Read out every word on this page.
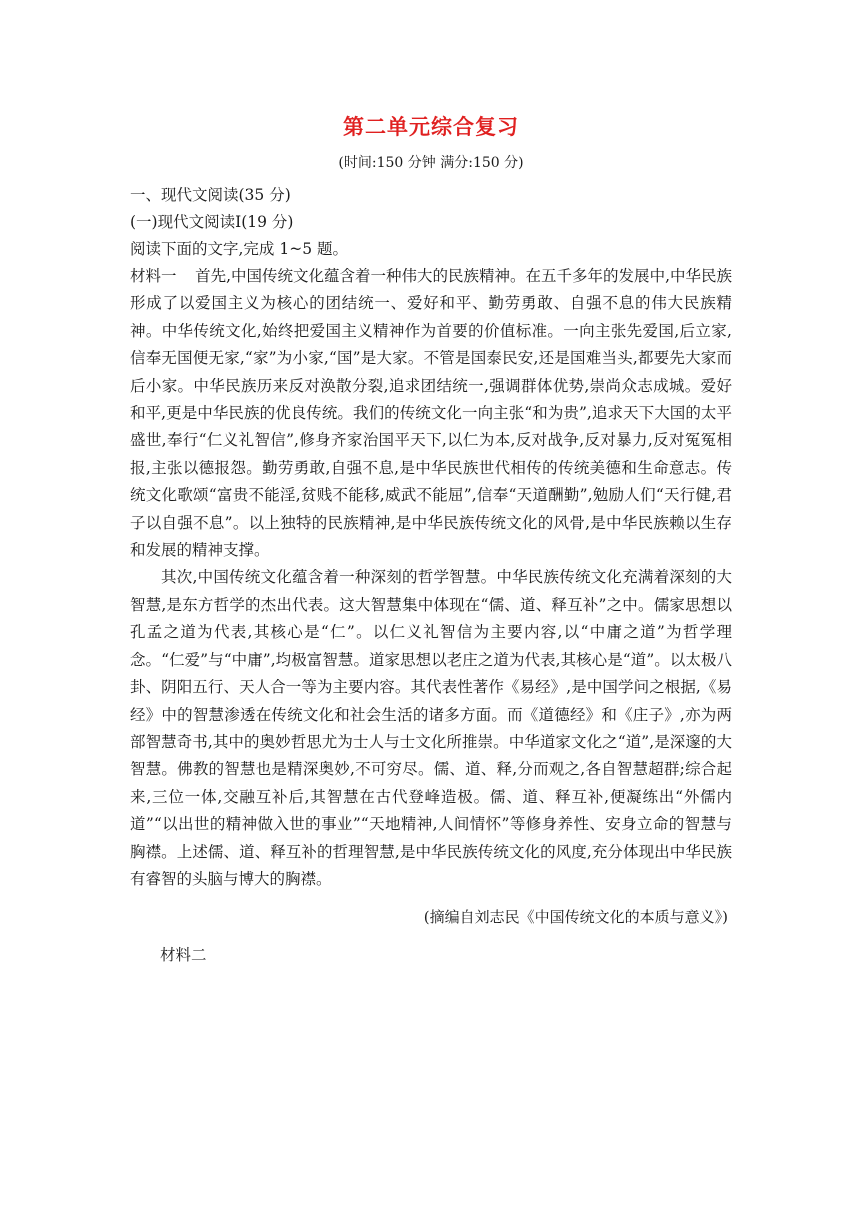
第二单元综合复习
(时间:150 分钟 满分:150 分)

一、现代文阅读(35 分)

(一)现代文阅读Ⅰ(19 分)

阅读下面的文字,完成 1~5 题。

材料一 首先,中国传统文化蕴含着一种伟大的民族精神。在五千多年的发展中,中华民族形成了以爱国主义为核心的团结统一、爱好和平、勤劳勇敢、自强不息的伟大民族精神。中华传统文化,始终把爱国主义精神作为首要的价值标准。一向主张先爱国,后立家,信奉无国便无家,“家”为小家,“国”是大家。不管是国泰民安,还是国难当头,都要先大家而后小家。中华民族历来反对涣散分裂,追求团结统一,强调群体优势,崇尚众志成城。爱好和平,更是中华民族的优良传统。我们的传统文化一向主张“和为贵”,追求天下大国的太平盛世,奉行“仁义礼智信”,修身齐家治国平天下,以仁为本,反对战争,反对暴力,反对冤冤相报,主张以德报怨。勤劳勇敢,自强不息,是中华民族世代相传的传统美德和生命意志。传统文化歌颂“富贵不能淫,贫贱不能移,威武不能屈”,信奉“天道酬勤”,勉励人们“天行健,君子以自强不息”。以上独特的民族精神,是中华民族传统文化的风骨,是中华民族赖以生存和发展的精神支撑。

其次,中国传统文化蕴含着一种深刻的哲学智慧。中华民族传统文化充满着深刻的大智慧,是东方哲学的杰出代表。这大智慧集中体现在“儒、道、释互补”之中。儒家思想以孔孟之道为代表,其核心是“仁”。以仁义礼智信为主要内容,以“中庸之道”为哲学理念。“仁爱”与“中庸”,均极富智慧。道家思想以老庄之道为代表,其核心是“道”。以太极八卦、阴阳五行、天人合一等为主要内容。其代表性著作《易经》,是中国学问之根据,《易经》中的智慧渗透在传统文化和社会生活的诸多方面。而《道德经》和《庄子》,亦为两部智慧奇书,其中的奥妙哲思尤为士人与士文化所推崇。中华道家文化之“道”,是深邃的大智慧。佛教的智慧也是精深奥妙,不可穷尽。儒、道、释,分而观之,各自智慧超群;综合起来,三位一体,交融互补后,其智慧在古代登峰造极。儒、道、释互补,便凝练出“外儒内道”“以出世的精神做入世的事业”“天地精神,人间情怀”等修身养性、安身立命的智慧与胸襟。上述儒、道、释互补的哲理智慧,是中华民族传统文化的风度,充分体现出中华民族有睿智的头脑与博大的胸襟。

(摘编自刘志民《中国传统文化的本质与意义》)
材料二
